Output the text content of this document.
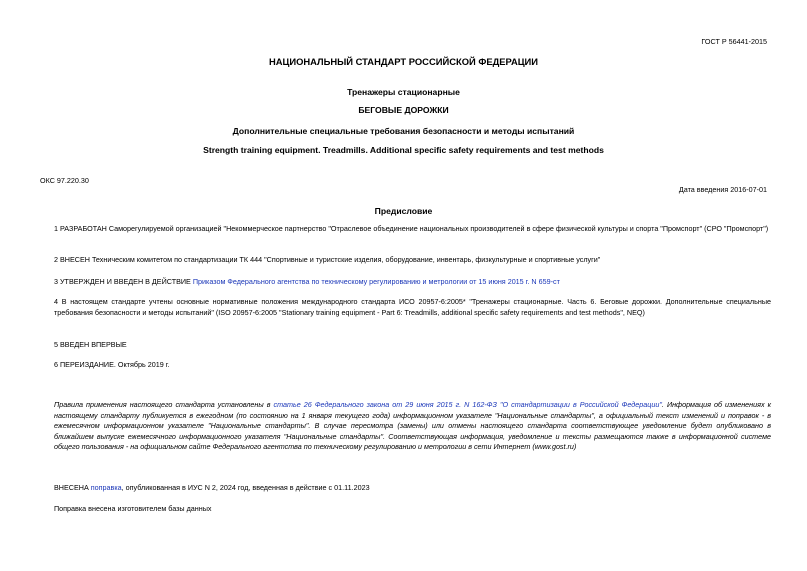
ГОСТ Р 56441-2015
НАЦИОНАЛЬНЫЙ СТАНДАРТ РОССИЙСКОЙ ФЕДЕРАЦИИ
Тренажеры стационарные
БЕГОВЫЕ ДОРОЖКИ
Дополнительные специальные требования безопасности и методы испытаний
Strength training equipment. Treadmills. Additional specific safety requirements and test methods
ОКС 97.220.30
Дата введения 2016-07-01
Предисловие
1 РАЗРАБОТАН Саморегулируемой организацией "Некоммерческое партнерство "Отраслевое объединение национальных производителей в сфере физической культуры и спорта "Промспорт" (СРО "Промспорт")
2 ВНЕСЕН Техническим комитетом по стандартизации ТК 444 "Спортивные и туристские изделия, оборудование, инвентарь, физкультурные и спортивные услуги"
3 УТВЕРЖДЕН И ВВЕДЕН В ДЕЙСТВИЕ Приказом Федерального агентства по техническому регулированию и метрологии от 15 июня 2015 г. N 659-ст
4 В настоящем стандарте учтены основные нормативные положения международного стандарта ИСО 20957-6:2005* "Тренажеры стационарные. Часть 6. Беговые дорожки. Дополнительные специальные требования безопасности и методы испытаний" (ISO 20957-6:2005 "Stationary training equipment - Part 6: Treadmills, additional specific safety requirements and test methods", NEQ)
5 ВВЕДЕН ВПЕРВЫЕ
6 ПЕРЕИЗДАНИЕ. Октябрь 2019 г.
Правила применения настоящего стандарта установлены в статье 26 Федерального закона от 29 июня 2015 г. N 162-ФЗ "О стандартизации в Российской Федерации". Информация об изменениях к настоящему стандарту публикуется в ежегодном (по состоянию на 1 января текущего года) информационном указателе "Национальные стандарты", а официальный текст изменений и поправок - в ежемесячном информационном указателе "Национальные стандарты". В случае пересмотра (замены) или отмены настоящего стандарта соответствующее уведомление будет опубликовано в ближайшем выпуске ежемесячного информационного указателя "Национальные стандарты". Соответствующая информация, уведомление и тексты размещаются также в информационной системе общего пользования - на официальном сайте Федерального агентства по техническому регулированию и метрологии в сети Интернет (www.gost.ru)
ВНЕСЕНА поправка, опубликованная в ИУС N 2, 2024 год, введенная в действие с 01.11.2023
Поправка внесена изготовителем базы данных
